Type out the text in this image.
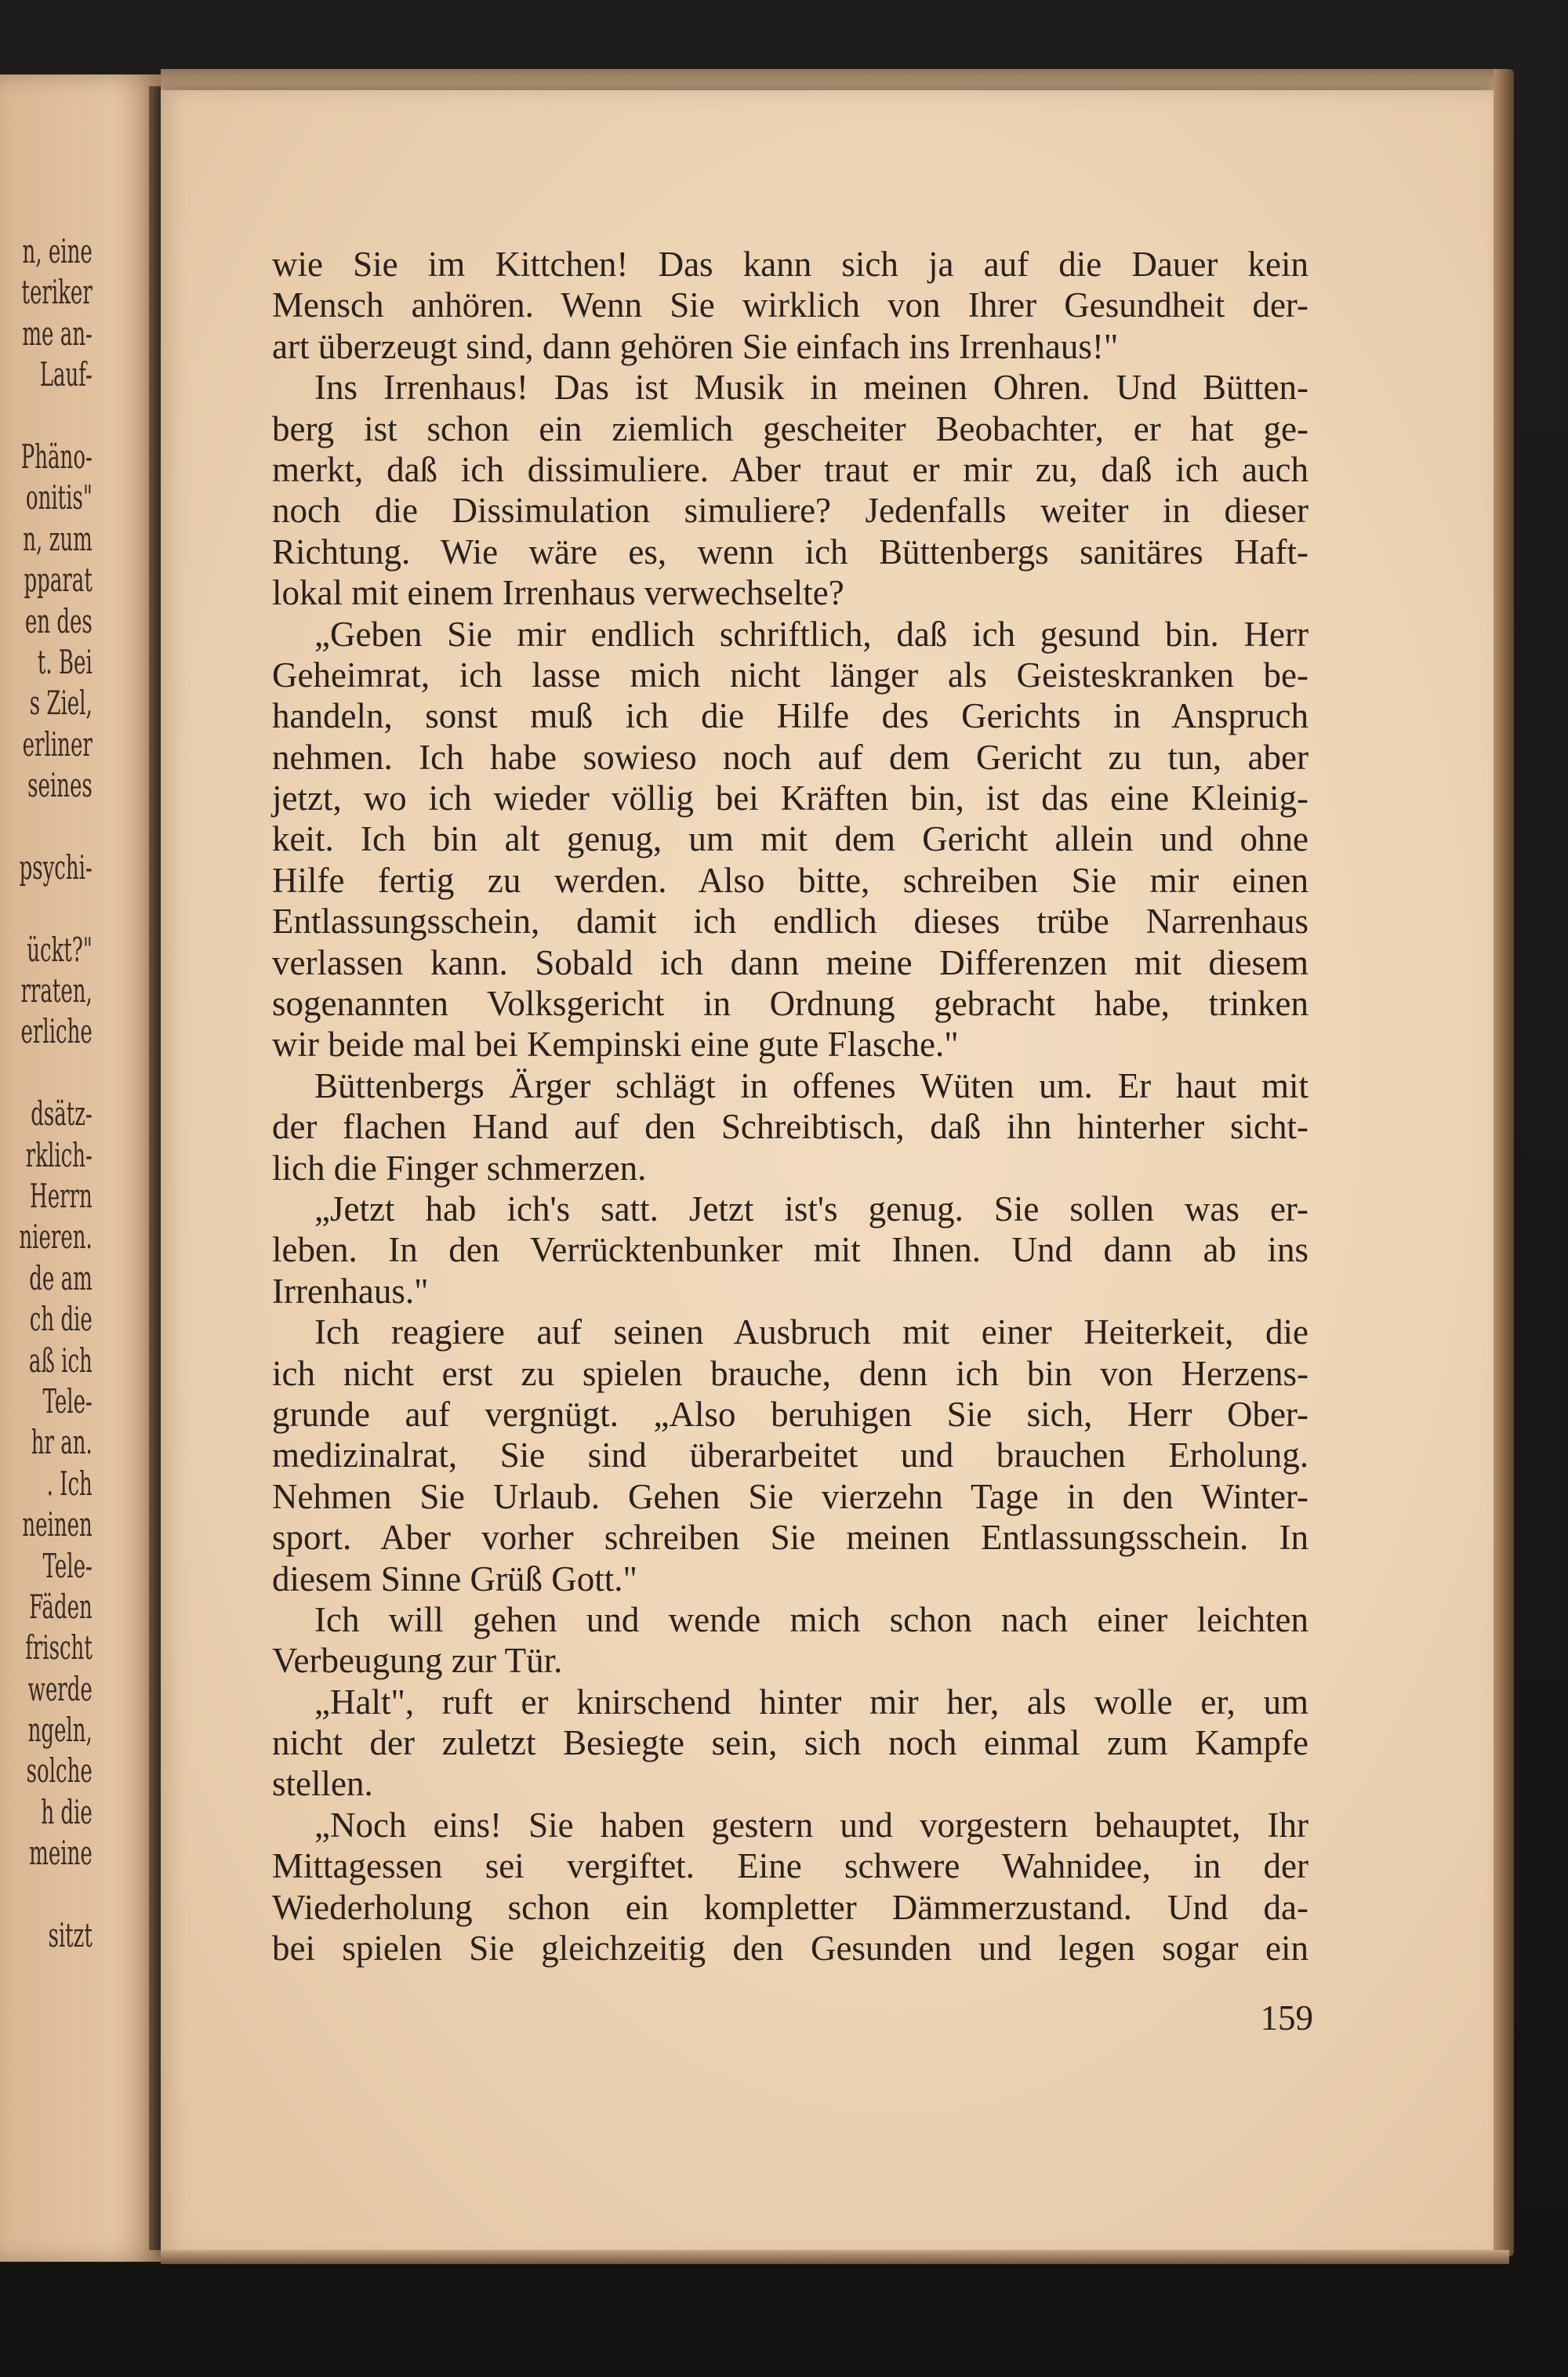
n, eine
teriker
me an-
Lauf-
Phäno-
onitis"
n, zum
pparat
en des
t. Bei
s Ziel,
erliner
seines
psychi-
ückt?"
rraten,
erliche
dsätz-
rklich-
Herrn
nieren.
de am
ch die
aß ich
Tele-
hr an.
. Ich
neinen
Tele-
Fäden
frischt
werde
ngeln,
solche
h die
meine
sitzt
wie Sie im Kittchen! Das kann sich ja auf die Dauer kein
Mensch anhören. Wenn Sie wirklich von Ihrer Gesundheit der-
art überzeugt sind, dann gehören Sie einfach ins Irrenhaus!"
Ins Irrenhaus! Das ist Musik in meinen Ohren. Und Bütten-
berg ist schon ein ziemlich gescheiter Beobachter, er hat ge-
merkt, daß ich dissimuliere. Aber traut er mir zu, daß ich auch
noch die Dissimulation simuliere? Jedenfalls weiter in dieser
Richtung. Wie wäre es, wenn ich Büttenbergs sanitäres Haft-
lokal mit einem Irrenhaus verwechselte?
„Geben Sie mir endlich schriftlich, daß ich gesund bin. Herr
Geheimrat, ich lasse mich nicht länger als Geisteskranken be-
handeln, sonst muß ich die Hilfe des Gerichts in Anspruch
nehmen. Ich habe sowieso noch auf dem Gericht zu tun, aber
jetzt, wo ich wieder völlig bei Kräften bin, ist das eine Kleinig-
keit. Ich bin alt genug, um mit dem Gericht allein und ohne
Hilfe fertig zu werden. Also bitte, schreiben Sie mir einen
Entlassungsschein, damit ich endlich dieses trübe Narrenhaus
verlassen kann. Sobald ich dann meine Differenzen mit diesem
sogenannten Volksgericht in Ordnung gebracht habe, trinken
wir beide mal bei Kempinski eine gute Flasche."
Büttenbergs Ärger schlägt in offenes Wüten um. Er haut mit
der flachen Hand auf den Schreibtisch, daß ihn hinterher sicht-
lich die Finger schmerzen.
„Jetzt hab ich's satt. Jetzt ist's genug. Sie sollen was er-
leben. In den Verrücktenbunker mit Ihnen. Und dann ab ins
Irrenhaus."
Ich reagiere auf seinen Ausbruch mit einer Heiterkeit, die
ich nicht erst zu spielen brauche, denn ich bin von Herzens-
grunde auf vergnügt. „Also beruhigen Sie sich, Herr Ober-
medizinalrat, Sie sind überarbeitet und brauchen Erholung.
Nehmen Sie Urlaub. Gehen Sie vierzehn Tage in den Winter-
sport. Aber vorher schreiben Sie meinen Entlassungsschein. In
diesem Sinne Grüß Gott."
Ich will gehen und wende mich schon nach einer leichten
Verbeugung zur Tür.
„Halt", ruft er knirschend hinter mir her, als wolle er, um
nicht der zuletzt Besiegte sein, sich noch einmal zum Kampfe
stellen.
„Noch eins! Sie haben gestern und vorgestern behauptet, Ihr
Mittagessen sei vergiftet. Eine schwere Wahnidee, in der
Wiederholung schon ein kompletter Dämmerzustand. Und da-
bei spielen Sie gleichzeitig den Gesunden und legen sogar ein
159
